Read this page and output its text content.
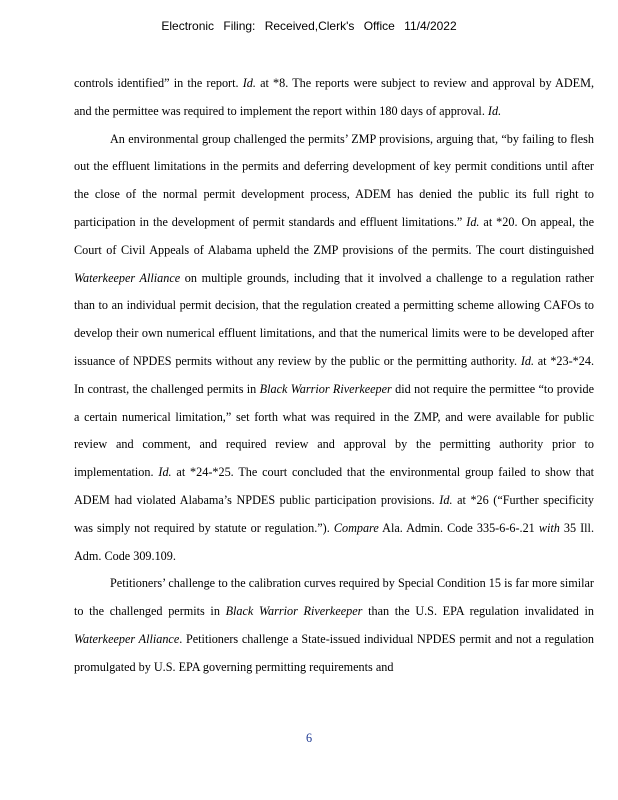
Electronic Filing: Received,Clerk's Office 11/4/2022

controls identified” in the report. Id. at *8. The reports were subject to review and approval by ADEM, and the permittee was required to implement the report within 180 days of approval. Id.

An environmental group challenged the permits’ ZMP provisions, arguing that, “by failing to flesh out the effluent limitations in the permits and deferring development of key permit conditions until after the close of the normal permit development process, ADEM has denied the public its full right to participation in the development of permit standards and effluent limitations.” Id. at *20. On appeal, the Court of Civil Appeals of Alabama upheld the ZMP provisions of the permits. The court distinguished Waterkeeper Alliance on multiple grounds, including that it involved a challenge to a regulation rather than to an individual permit decision, that the regulation created a permitting scheme allowing CAFOs to develop their own numerical effluent limitations, and that the numerical limits were to be developed after issuance of NPDES permits without any review by the public or the permitting authority. Id. at *23-*24. In contrast, the challenged permits in Black Warrior Riverkeeper did not require the permittee “to provide a certain numerical limitation,” set forth what was required in the ZMP, and were available for public review and comment, and required review and approval by the permitting authority prior to implementation. Id. at *24-*25. The court concluded that the environmental group failed to show that ADEM had violated Alabama’s NPDES public participation provisions. Id. at *26 (“Further specificity was simply not required by statute or regulation.”). Compare Ala. Admin. Code 335-6-6-.21 with 35 Ill. Adm. Code 309.109.

Petitioners’ challenge to the calibration curves required by Special Condition 15 is far more similar to the challenged permits in Black Warrior Riverkeeper than the U.S. EPA regulation invalidated in Waterkeeper Alliance. Petitioners challenge a State-issued individual NPDES permit and not a regulation promulgated by U.S. EPA governing permitting requirements and

6
